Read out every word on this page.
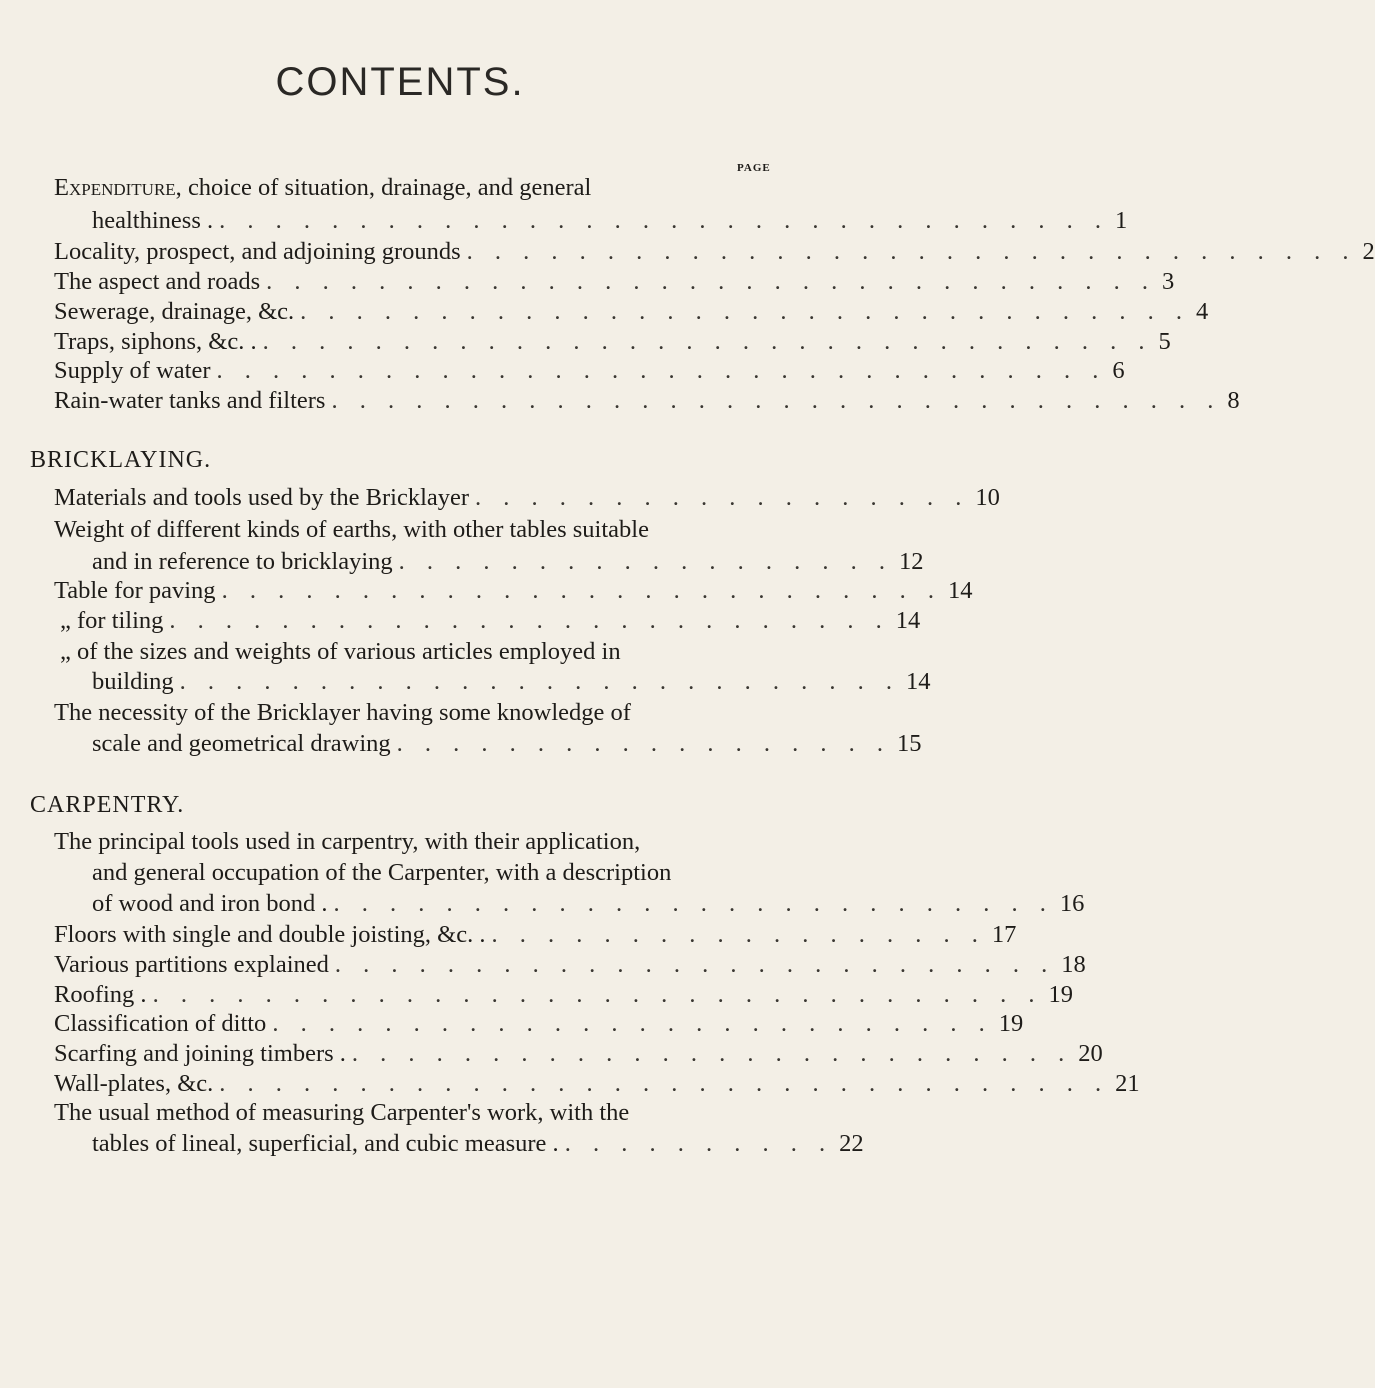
CONTENTS.
PAGE
Expenditure, choice of situation, drainage, and general
healthiness . . . . . . . . . . . . . . . . . . . . . . . . . . . . . . . . . 1
Locality, prospect, and adjoining grounds . . . . . . . . . . . . . . . . . . . . . . . . . . . . . . . . 2
The aspect and roads . . . . . . . . . . . . . . . . . . . . . . . . . . . . . . . . 3
Sewerage, drainage, &c. . . . . . . . . . . . . . . . . . . . . . . . . . . . . . . . . 4
Traps, siphons, &c. . . . . . . . . . . . . . . . . . . . . . . . . . . . . . . . . . 5
Supply of water . . . . . . . . . . . . . . . . . . . . . . . . . . . . . . . . 6
Rain-water tanks and filters . . . . . . . . . . . . . . . . . . . . . . . . . . . . . . . . 8
BRICKLAYING.
Materials and tools used by the Bricklayer . . . . . . . . . . . . . . . . . . 10
Weight of different kinds of earths, with other tables suitable
and in reference to bricklaying . . . . . . . . . . . . . . . . . . 12
Table for paving . . . . . . . . . . . . . . . . . . . . . . . . . . 14
„ for tiling . . . . . . . . . . . . . . . . . . . . . . . . . . 14
„ of the sizes and weights of various articles employed in
building . . . . . . . . . . . . . . . . . . . . . . . . . . 14
The necessity of the Bricklayer having some knowledge of
scale and geometrical drawing . . . . . . . . . . . . . . . . . . 15
CARPENTRY.
The principal tools used in carpentry, with their application,
and general occupation of the Carpenter, with a description
of wood and iron bond . . . . . . . . . . . . . . . . . . . . . . . . . . . 16
Floors with single and double joisting, &c. . . . . . . . . . . . . . . . . . . . 17
Various partitions explained . . . . . . . . . . . . . . . . . . . . . . . . . . 18
Roofing . . . . . . . . . . . . . . . . . . . . . . . . . . . . . . . . . 19
Classification of ditto . . . . . . . . . . . . . . . . . . . . . . . . . . 19
Scarfing and joining timbers . . . . . . . . . . . . . . . . . . . . . . . . . . . 20
Wall-plates, &c. . . . . . . . . . . . . . . . . . . . . . . . . . . . . . . . . 21
The usual method of measuring Carpenter's work, with the
tables of lineal, superficial, and cubic measure . . . . . . . . . . . 22
